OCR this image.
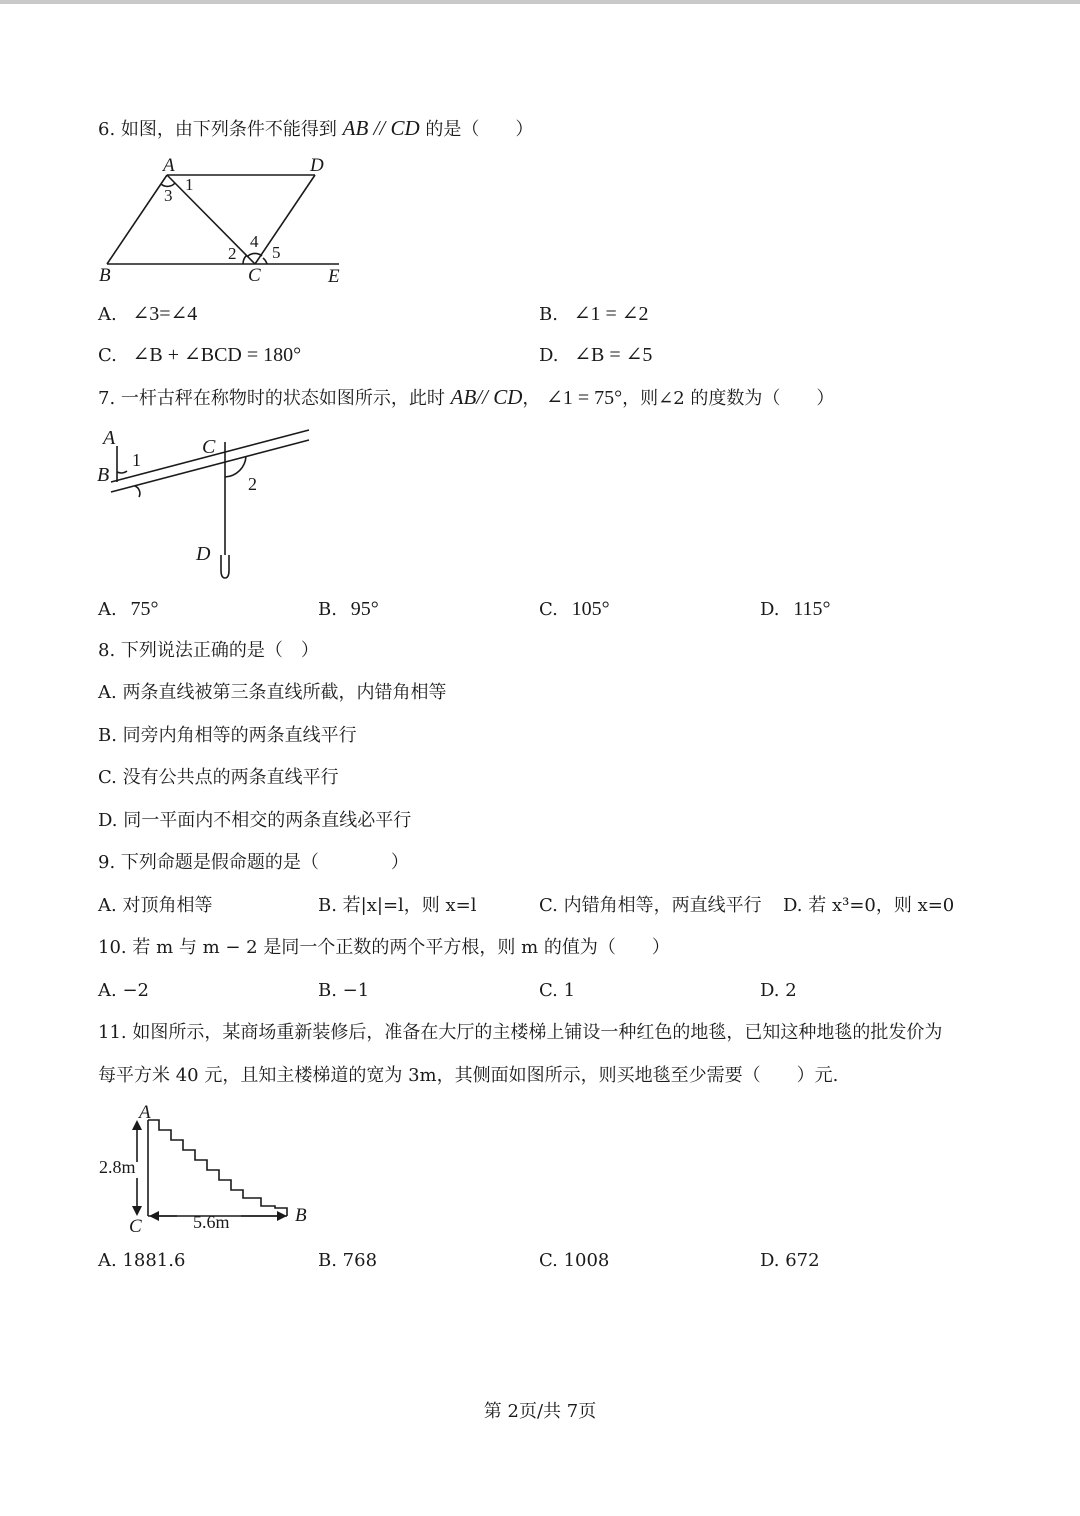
6. 如图，由下列条件不能得到 AB // CD 的是（　　）
A	D
B	C	E
1
2
3
4
5
A. ∠3=∠4	B. ∠1 = ∠2
C. ∠B + ∠BCD = 180°	D. ∠B = ∠5
7. 一杆古秤在称物时的状态如图所示，此时 AB// CD， ∠1 = 75°，则∠2 的度数为（　　）
A
B
C
D
1
2
A. 75°	B. 95°	C. 105°	D. 115°
8. 下列说法正确的是（　）
A. 两条直线被第三条直线所截，内错角相等
B. 同旁内角相等的两条直线平行
C. 没有公共点的两条直线平行
D. 同一平面内不相交的两条直线必平行
9. 下列命题是假命题的是（　　　　）
A. 对顶角相等	B. 若|x|=l，则 x=l	C. 内错角相等，两直线平行 D. 若 x³=0，则 x=0
10. 若 m 与 m − 2 是同一个正数的两个平方根，则 m 的值为（　　）
A. −2	B. −1	C. 1	D. 2
11. 如图所示，某商场重新装修后，准备在大厅的主楼梯上铺设一种红色的地毯，已知这种地毯的批发价为
每平方米 40 元，且知主楼梯道的宽为 3m，其侧面如图所示，则买地毯至少需要（　　）元.
A
C
B
2.8m
5.6m
A. 1881.6	B. 768	C. 1008	D. 672
第 2页/共 7页
